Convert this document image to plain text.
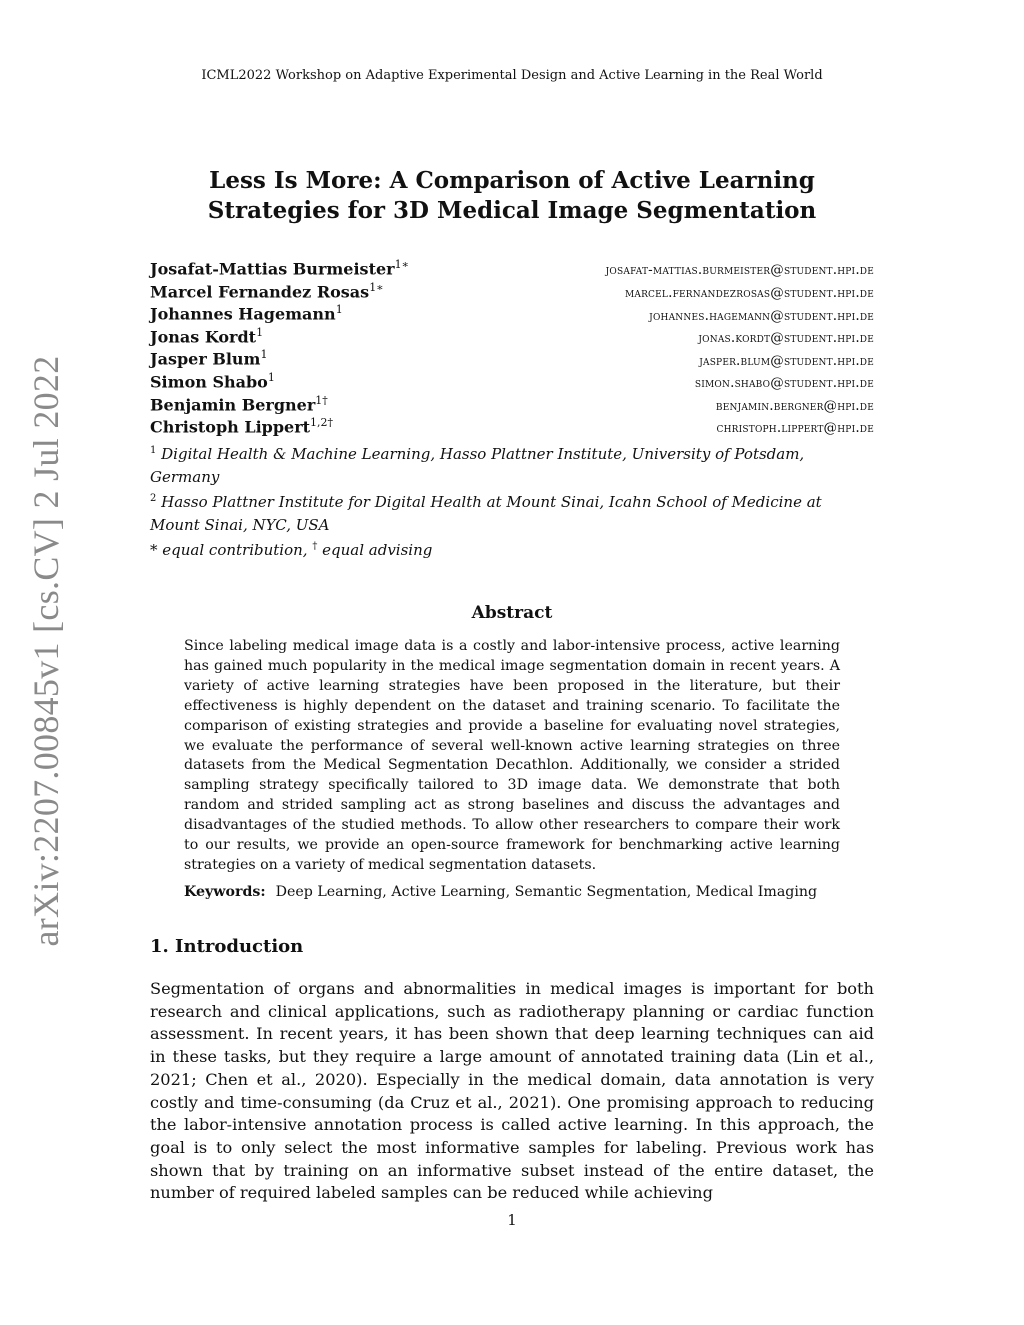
ICML2022 Workshop on Adaptive Experimental Design and Active Learning in the Real World
arXiv:2207.00845v1 [cs.CV] 2 Jul 2022
Less Is More: A Comparison of Active Learning Strategies for 3D Medical Image Segmentation
Josafat-Mattias Burmeister$^{1∗}$	josafat-mattias.burmeister@student.hpi.de
Marcel Fernandez Rosas$^{1∗}$	marcel.fernandezrosas@student.hpi.de
Johannes Hagemann$^1$	johannes.hagemann@student.hpi.de
Jonas Kordt$^1$	jonas.kordt@student.hpi.de
Jasper Blum$^1$	jasper.blum@student.hpi.de
Simon Shabo$^1$	simon.shabo@student.hpi.de
Benjamin Bergner$^{1\dagger}$	benjamin.bergner@hpi.de
Christoph Lippert$^{1,2\dagger}$	christoph.lippert@hpi.de
$^1$ Digital Health & Machine Learning, Hasso Plattner Institute, University of Potsdam, Germany
$^2$ Hasso Plattner Institute for Digital Health at Mount Sinai, Icahn School of Medicine at Mount Sinai, NYC, USA
* equal contribution, † equal advising
Abstract
Since labeling medical image data is a costly and labor-intensive process, active learning has gained much popularity in the medical image segmentation domain in recent years. A variety of active learning strategies have been proposed in the literature, but their effectiveness is highly dependent on the dataset and training scenario. To facilitate the comparison of existing strategies and provide a baseline for evaluating novel strategies, we evaluate the performance of several well-known active learning strategies on three datasets from the Medical Segmentation Decathlon. Additionally, we consider a strided sampling strategy specifically tailored to 3D image data. We demonstrate that both random and strided sampling act as strong baselines and discuss the advantages and disadvantages of the studied methods. To allow other researchers to compare their work to our results, we provide an open-source framework for benchmarking active learning strategies on a variety of medical segmentation datasets.
Keywords: Deep Learning, Active Learning, Semantic Segmentation, Medical Imaging
1. Introduction
Segmentation of organs and abnormalities in medical images is important for both research and clinical applications, such as radiotherapy planning or cardiac function assessment. In recent years, it has been shown that deep learning techniques can aid in these tasks, but they require a large amount of annotated training data (Lin et al., 2021; Chen et al., 2020). Especially in the medical domain, data annotation is very costly and time-consuming (da Cruz et al., 2021). One promising approach to reducing the labor-intensive annotation process is called active learning. In this approach, the goal is to only select the most informative samples for labeling. Previous work has shown that by training on an informative subset instead of the entire dataset, the number of required labeled samples can be reduced while achieving
1
